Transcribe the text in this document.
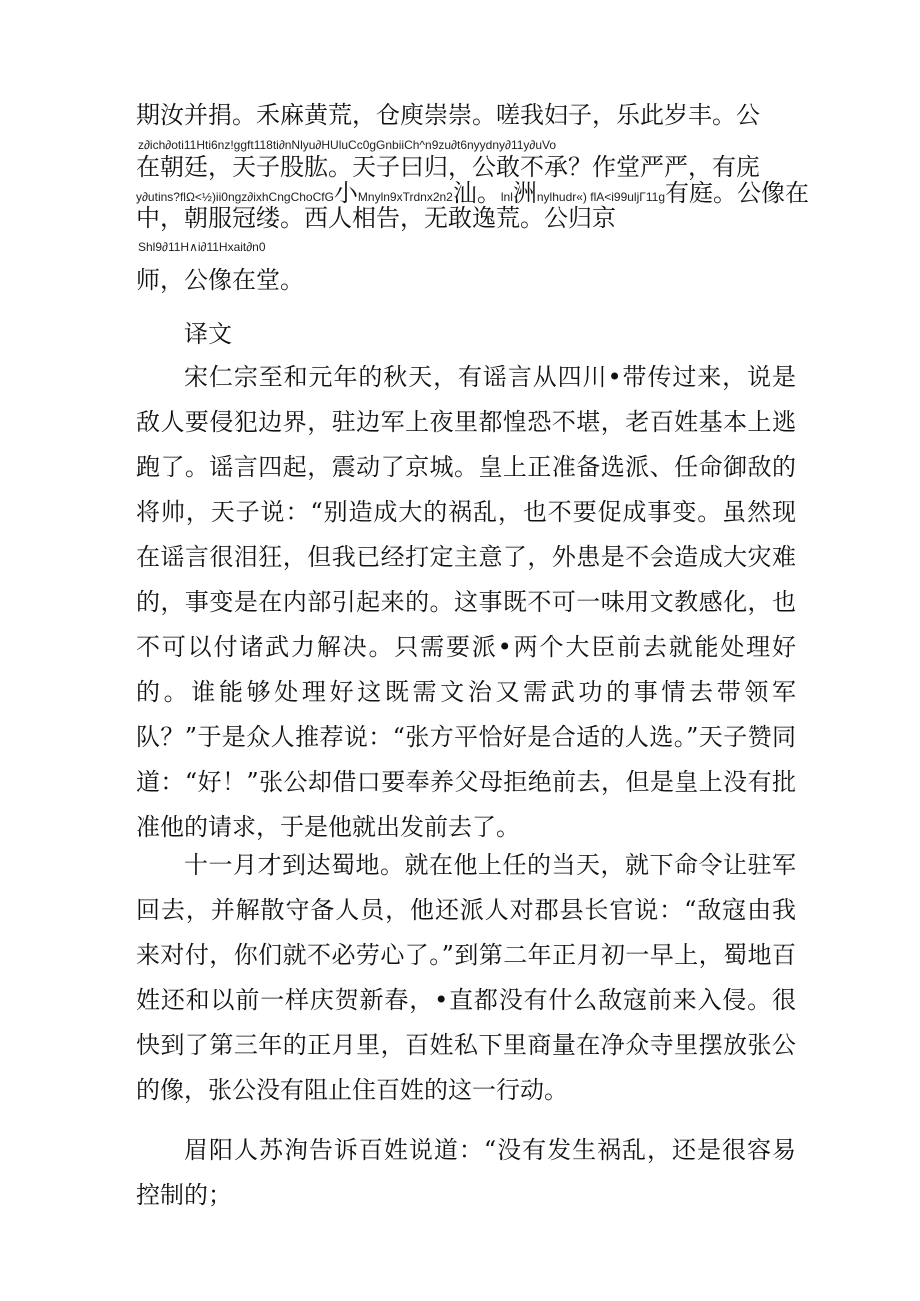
期汝并捐。禾麻黄荒，仓庾崇崇。嗟我妇子，乐此岁丰。公

z∂ich∂oti11Hti6nz!ggft118ti∂nNlyu∂HUluCc0gGnbiiCh^n9zu∂t6nyydny∂11y∂uVo

在朝廷，天子股肱。天子曰归，公敢不承？作堂严严，有庑

y∂utins?flΩ<½)ii0ngz∂ixhCngChoCfG小Mnyln9xTrdnx2n2汕。lnl洲nylhudr«) flA<i99uljΓ11g有庭。公像在

中，朝服冠缕。西人相告，无敢逸荒。公归京

Shl9∂11H∧i∂11Hxait∂n0

师，公像在堂。

译文

宋仁宗至和元年的秋天，有谣言从四川•带传过来，说是敌人要侵犯边界，驻边军上夜里都惶恐不堪，老百姓基本上逃跑了。谣言四起，震动了京城。皇上正准备选派、任命御敌的将帅，天子说：“别造成大的祸乱，也不要促成事变。虽然现在谣言很泪狂，但我已经打定主意了，外患是不会造成大灾难的，事变是在内部引起来的。这事既不可一味用文教感化，也不可以付诸武力解决。只需要派•两个大臣前去就能处理好的。谁能够处理好这既需文治又需武功的事情去带领军队？”于是众人推荐说：“张方平恰好是合适的人选。”天子赞同道：“好！”张公却借口要奉养父母拒绝前去，但是皇上没有批准他的请求，于是他就出发前去了。

十一月才到达蜀地。就在他上任的当天，就下命令让驻军回去，并解散守备人员，他还派人对郡县长官说：“敌寇由我来对付，你们就不必劳心了。”到第二年正月初一早上，蜀地百姓还和以前一样庆贺新春，•直都没有什么敌寇前来入侵。很快到了第三年的正月里，百姓私下里商量在净众寺里摆放张公的像，张公没有阻止住百姓的这一行动。

眉阳人苏洵告诉百姓说道：“没有发生祸乱，还是很容易控制的；
